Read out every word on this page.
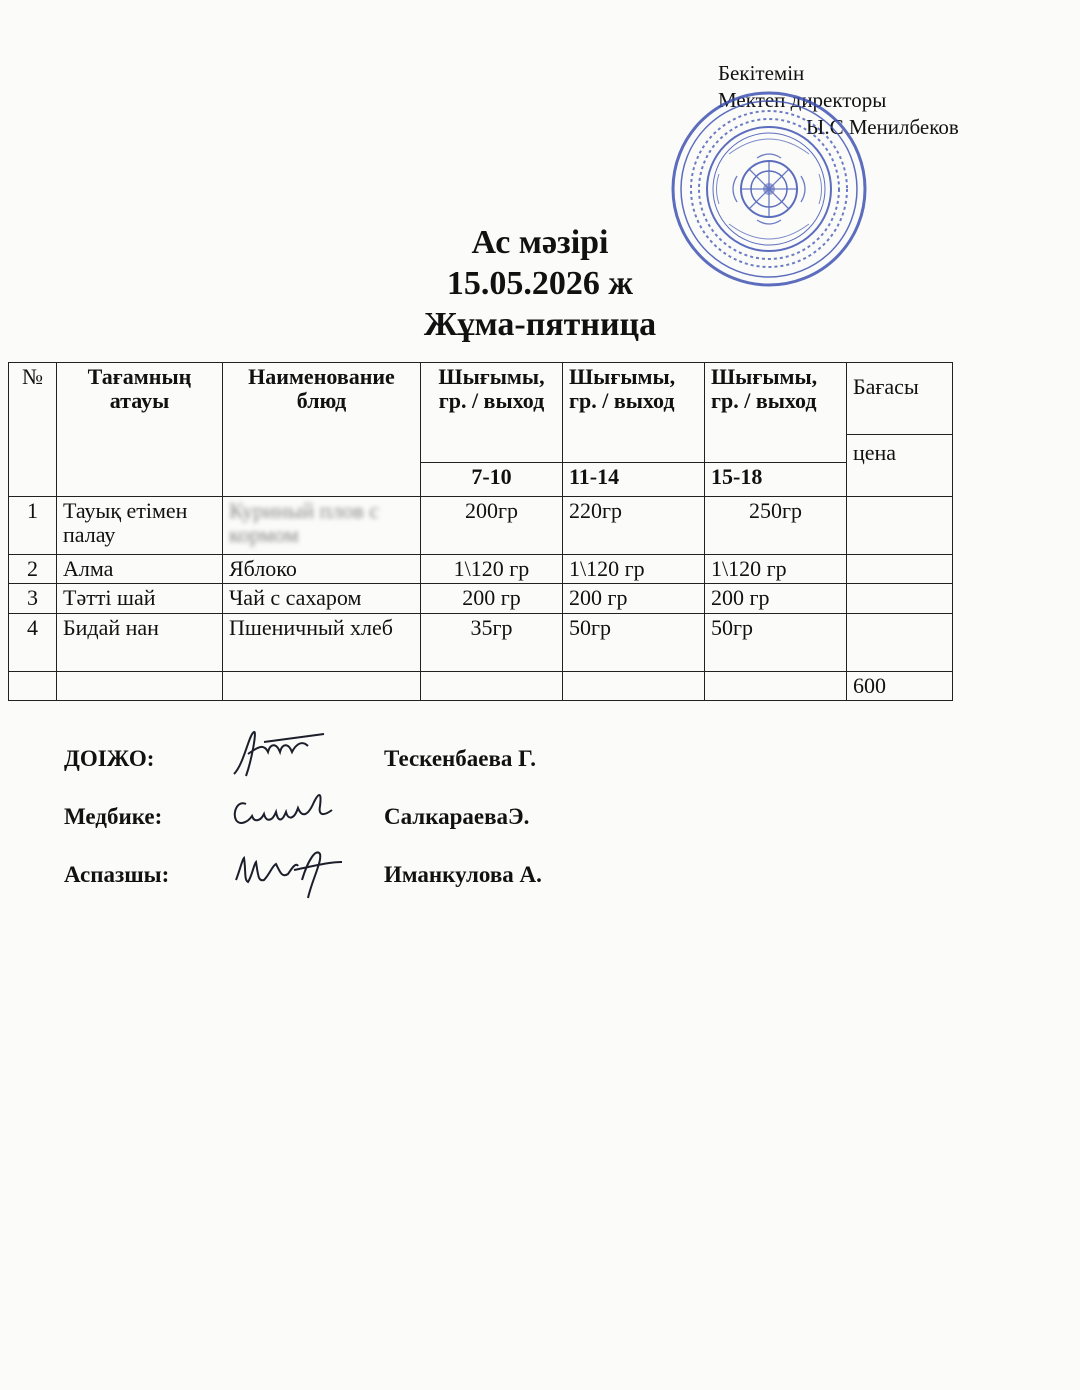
Бекітемін
Мектеп директоры
Ы.С Менилбеков
Ас мәзірі
15.05.2026 ж
Жұма-пятница
№	Тағамның атауы	Наименование блюд	Шығымы, гр. / выход	Шығымы, гр. / выход	Шығымы, гр. / выход	Бағасы
						цена
			7-10	11-14	15-18	
1	Тауық етімен палау	Куриный плов с кормом	200гр	220гр	250гр	
2	Алма	Яблоко	1\120 гр	1\120 гр	1\120 гр	
3	Тәтті шай	Чай с сахаром	200 гр	200 гр	200 гр	
4	Бидай нан	Пшеничный хлеб	35гр	50гр	50гр	
						600
ДОІЖО:	Тескенбаева Г.
Медбике:	СалкараеваЭ.
Аспазшы:	Иманкулова А.
